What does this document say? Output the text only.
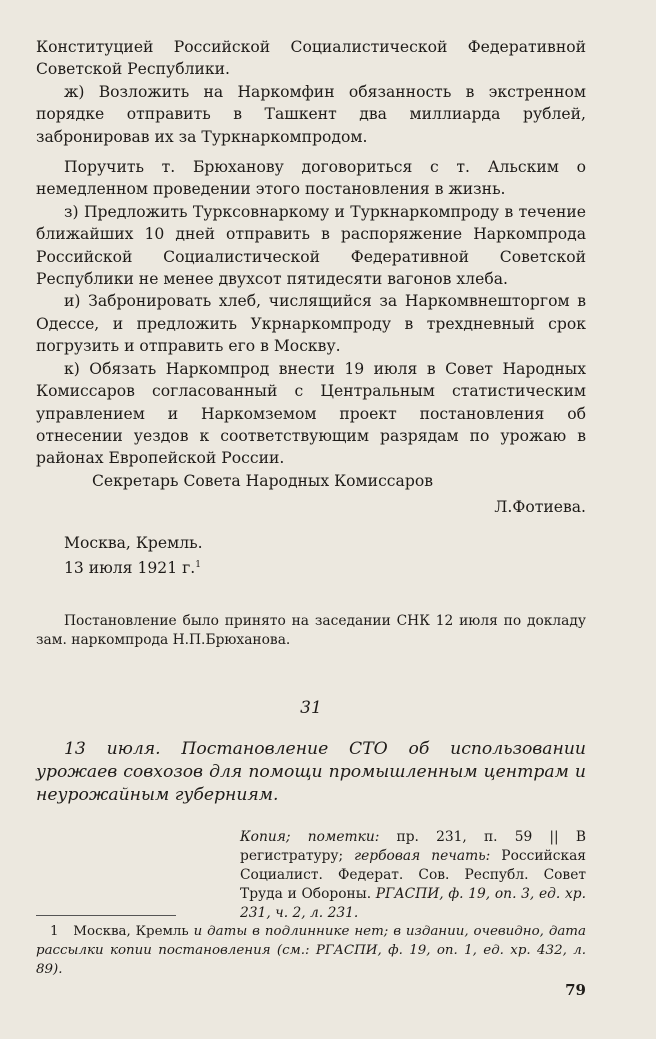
Конституцией Российской Социалистической Федеративной Советской Республики.

ж) Возложить на Наркомфин обязанность в экстренном порядке отправить в Ташкент два миллиарда рублей, забронировав их за Туркнаркомпродом.

Поручить т. Брюханову договориться с т. Альским о немедленном проведении этого постановления в жизнь.

з) Предложить Турксовнаркому и Туркнаркомпроду в течение ближайших 10 дней отправить в распоряжение Наркомпрода Российской Социалистической Федеративной Советской Республики не менее двухсот пятидесяти вагонов хлеба.

и) Забронировать хлеб, числящийся за Наркомвнешторгом в Одессе, и предложить Укрнаркомпроду в трехдневный срок погрузить и отправить его в Москву.

к) Обязать Наркомпрод внести 19 июля в Совет Народных Комиссаров согласованный с Центральным статистическим управлением и Наркомземом проект постановления об отнесении уездов к соответствующим разрядам по урожаю в районах Европейской России.

Секретарь Совета Народных Комиссаров
Л.Фотиева.
Москва, Кремль.
13 июля 1921 г.$^1$
Постановление было принято на заседании СНК 12 июля по докладу зам. наркомпрода Н.П.Брюханова.
31
13 июля. Постановление СТО об использовании урожаев совхозов для помощи промышленным центрам и неурожайным губерниям.
Копия; пометки: пр. 231, п. 59 || В регистратуру; гербовая печать: Российская Социалист. Федерат. Сов. Республ. Совет Труда и Обороны. РГАСПИ, ф. 19, оп. 3, ед. хр. 231, ч. 2, л. 231.
1 Москва, Кремль и даты в подлиннике нет; в издании, очевидно, дата рассылки копии постановления (см.: РГАСПИ, ф. 19, оп. 1, ед. хр. 432, л. 89).
79
